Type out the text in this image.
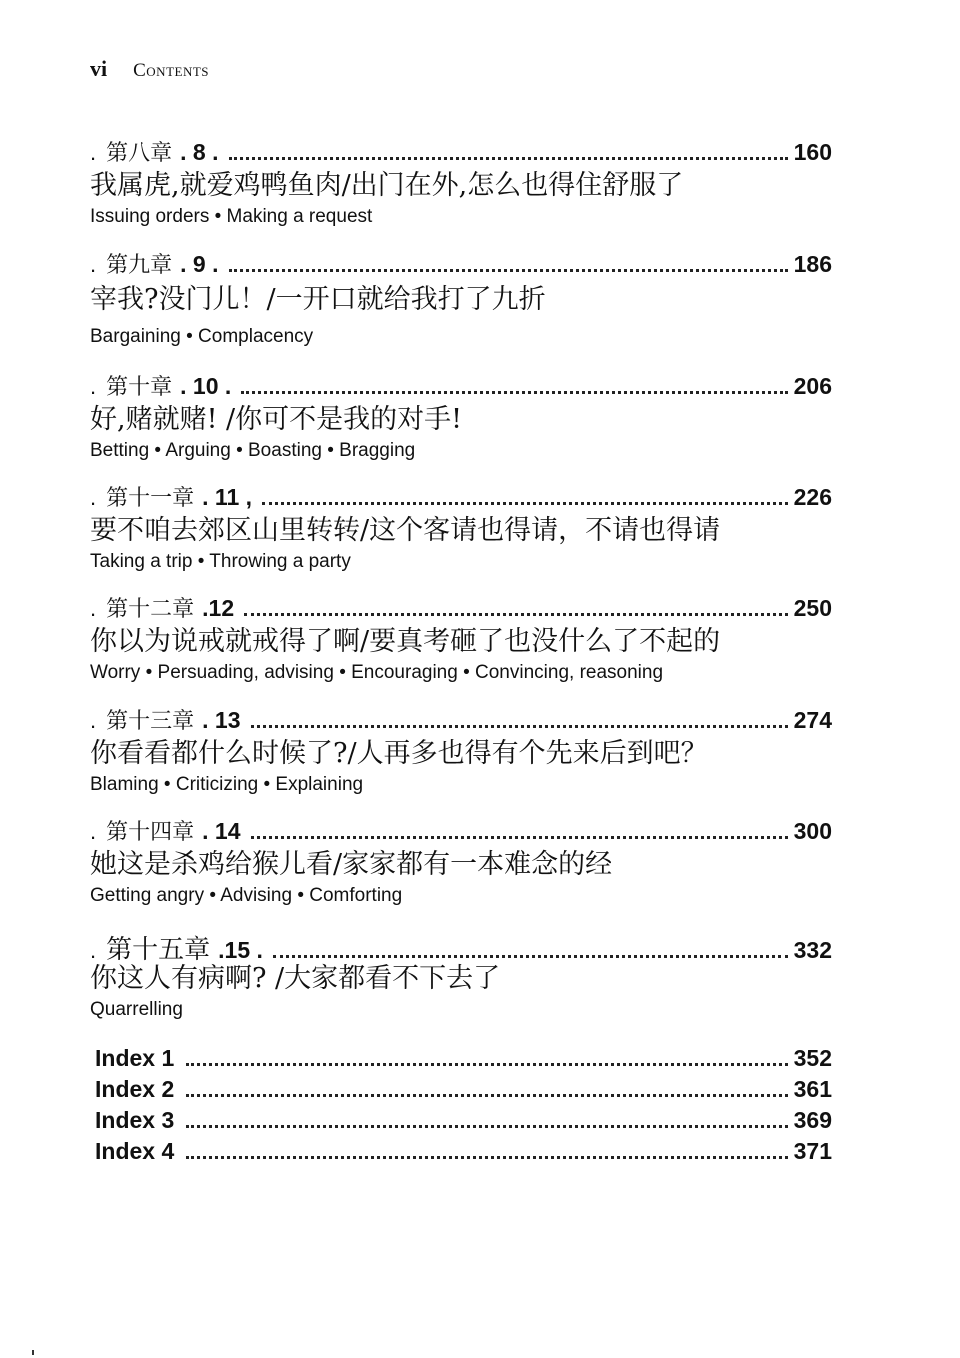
vi Contents
. 第八章 . 8 .	160
我属虎,就爱鸡鸭鱼肉/出门在外,怎么也得住舒服了
Issuing orders • Making a request
. 第九章 . 9 .	186
宰我?没门儿！/一开口就给我打了九折
Bargaining • Complacency
. 第十章 . 10 .	206
好,赌就赌! /你可不是我的对手!
Betting • Arguing • Boasting • Bragging
. 第十一章 . 11 ,	226
要不咱去郊区山里转转/这个客请也得请，不请也得请
Taking a trip • Throwing a party
. 第十二章 .12	250
你以为说戒就戒得了啊/要真考砸了也没什么了不起的
Worry • Persuading, advising • Encouraging • Convincing, reasoning
. 第十三章 . 13	274
你看看都什么时候了?/人再多也得有个先来后到吧？
Blaming • Criticizing • Explaining
. 第十四章 . 14	300
她这是杀鸡给猴儿看/家家都有一本难念的经
Getting angry • Advising • Comforting
. 第十五章 .15 .	332
你这人有病啊? /大家都看不下去了
Quarrelling
Index 1	352
Index 2	361
Index 3	369
Index 4	371
